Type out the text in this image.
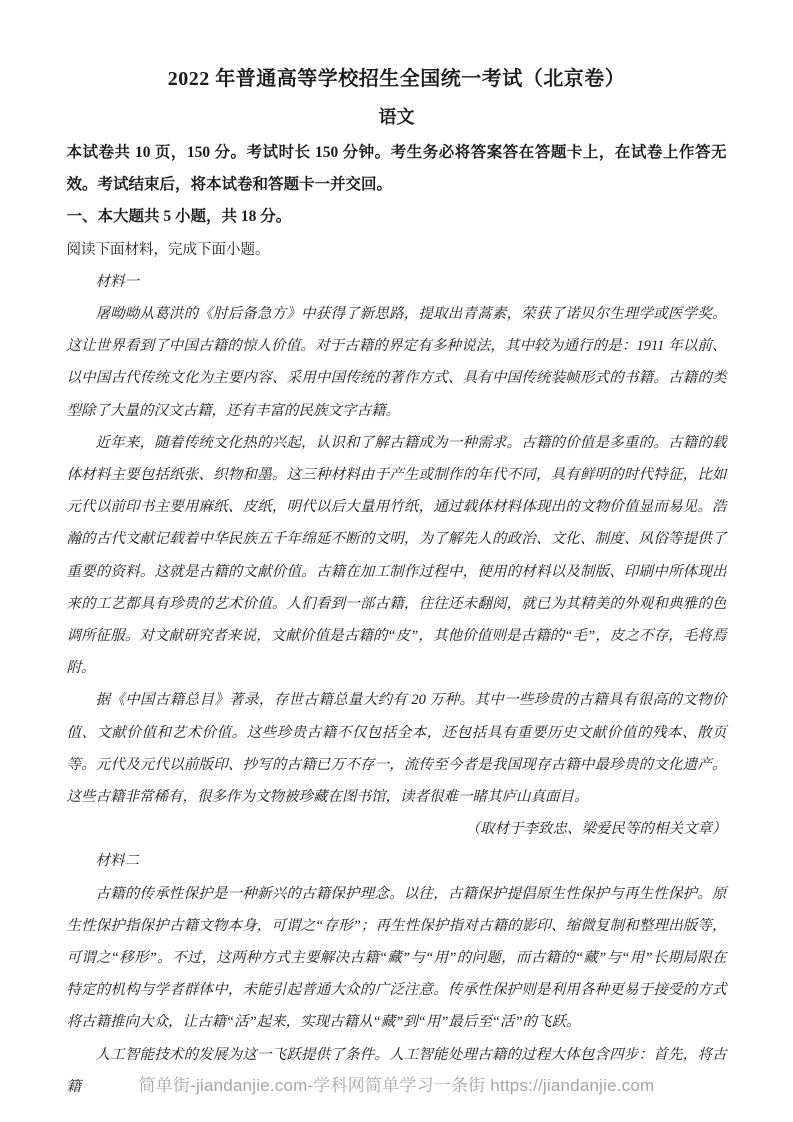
2022 年普通高等学校招生全国统一考试（北京卷）
语文

本试卷共 10 页，150 分。考试时长 150 分钟。考生务必将答案答在答题卡上，在试卷上作答无效。考试结束后，将本试卷和答题卡一并交回。

一、本大题共 5 小题，共 18 分。

阅读下面材料，完成下面小题。

材料一

屠呦呦从葛洪的《肘后备急方》中获得了新思路，提取出青蒿素，荣获了诺贝尔生理学或医学奖。这让世界看到了中国古籍的惊人价值。对于古籍的界定有多种说法，其中较为通行的是：1911 年以前、以中国古代传统文化为主要内容、采用中国传统的著作方式、具有中国传统装帧形式的书籍。古籍的类型除了大量的汉文古籍，还有丰富的民族文字古籍。

近年来，随着传统文化热的兴起，认识和了解古籍成为一种需求。古籍的价值是多重的。古籍的载体材料主要包括纸张、织物和墨。这三种材料由于产生或制作的年代不同，具有鲜明的时代特征，比如元代以前印书主要用麻纸、皮纸，明代以后大量用竹纸，通过载体材料体现出的文物价值显而易见。浩瀚的古代文献记载着中华民族五千年绵延不断的文明，为了解先人的政治、文化、制度、风俗等提供了重要的资料。这就是古籍的文献价值。古籍在加工制作过程中，使用的材料以及制版、印刷中所体现出来的工艺都具有珍贵的艺术价值。人们看到一部古籍，往往还未翻阅，就已为其精美的外观和典雅的色调所征服。对文献研究者来说，文献价值是古籍的“皮”，其他价值则是古籍的“毛”，皮之不存，毛将焉附。

据《中国古籍总目》著录，存世古籍总量大约有 20 万种。其中一些珍贵的古籍具有很高的文物价值、文献价值和艺术价值。这些珍贵古籍不仅包括全本，还包括具有重要历史文献价值的残本、散页等。元代及元代以前版印、抄写的古籍已万不存一，流传至今者是我国现存古籍中最珍贵的文化遗产。这些古籍非常稀有，很多作为文物被珍藏在图书馆，读者很难一睹其庐山真面目。

（取材于李致忠、梁爱民等的相关文章）

材料二

古籍的传承性保护是一种新兴的古籍保护理念。以往，古籍保护提倡原生性保护与再生性保护。原生性保护指保护古籍文物本身，可谓之“存形”；再生性保护指对古籍的影印、缩微复制和整理出版等，可谓之“移形”。不过，这两种方式主要解决古籍“藏”与“用”的问题，而古籍的“藏”与“用”长期局限在特定的机构与学者群体中，未能引起普通大众的广泛注意。传承性保护则是利用各种更易于接受的方式将古籍推向大众，让古籍“活”起来，实现古籍从“藏”到“用”最后至“活”的飞跃。

人工智能技术的发展为这一飞跃提供了条件。人工智能处理古籍的过程大体包含四步：首先，将古籍	简单街-jiandanjie.com-学科网简单学习一条街 https://jiandanjie.com
